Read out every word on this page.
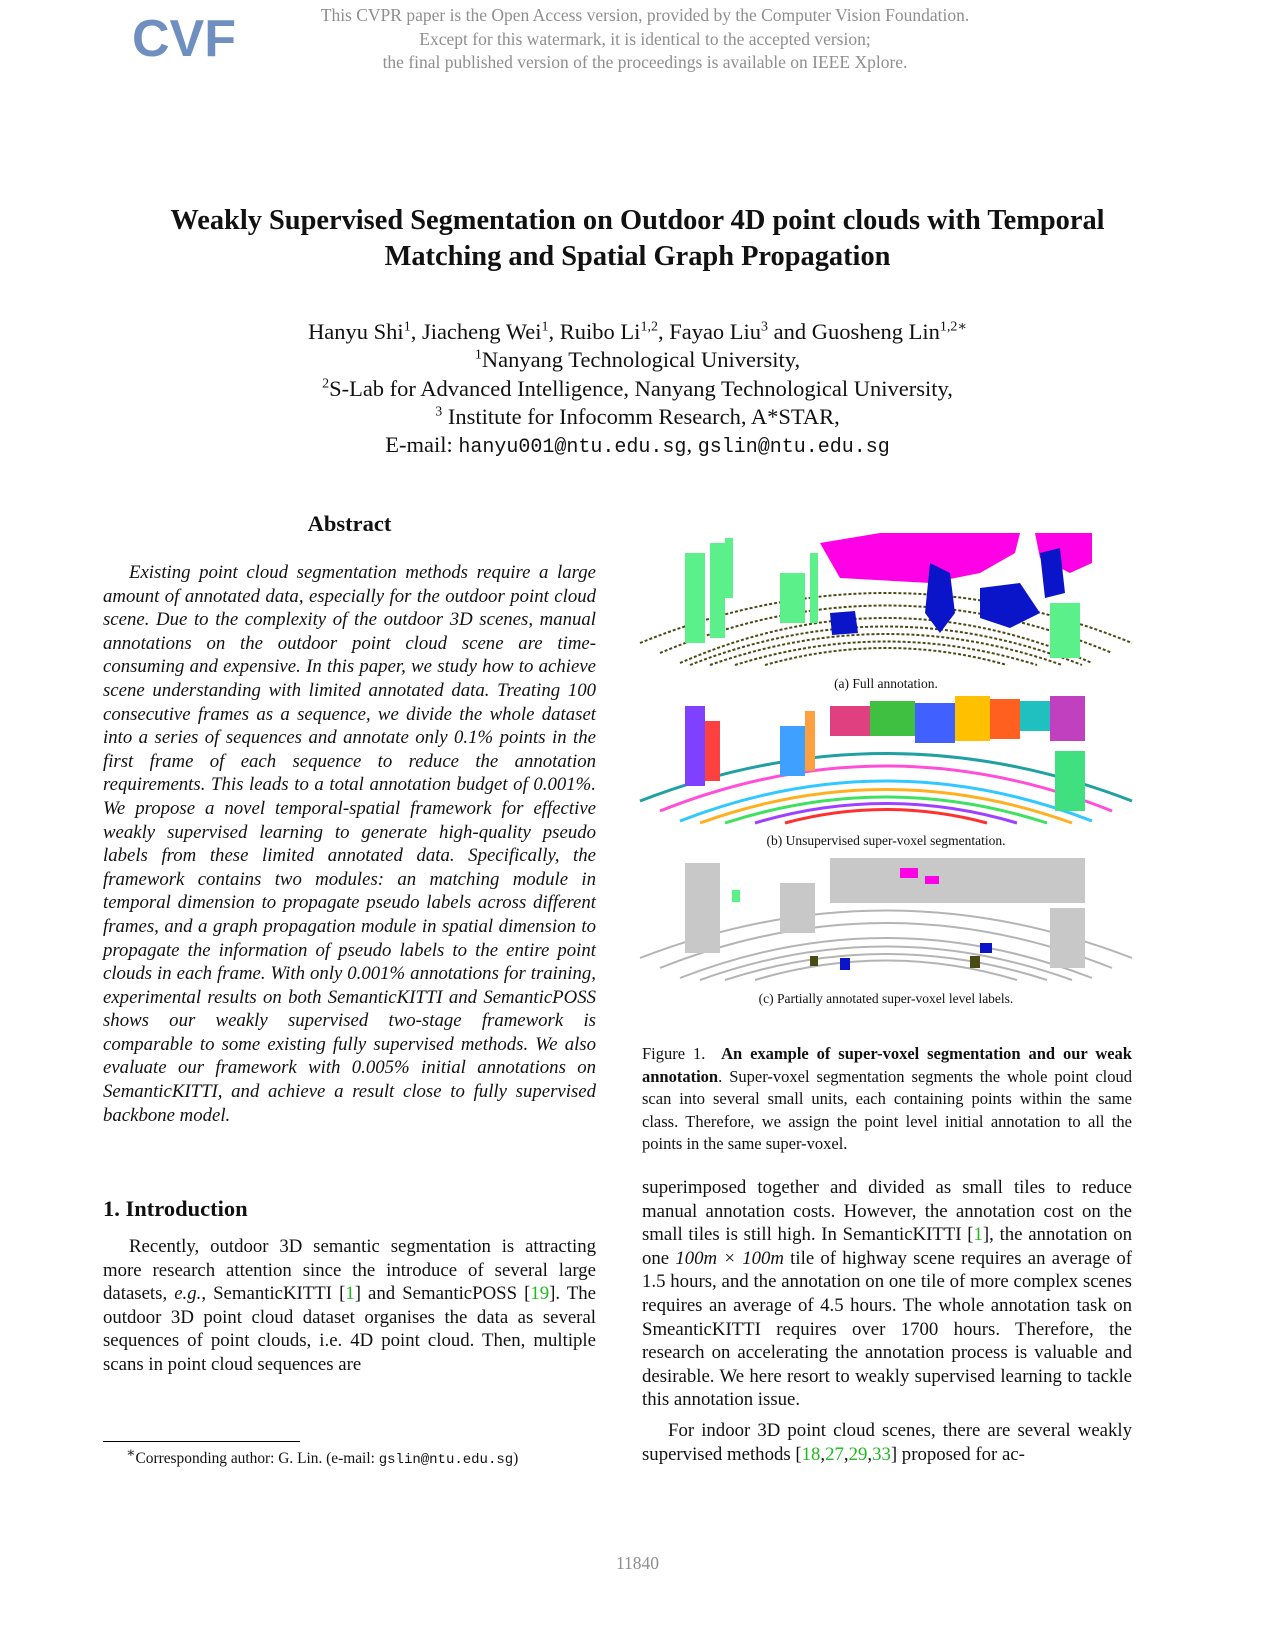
CVF	This CVPR paper is the Open Access version, provided by the Computer Vision Foundation.
Except for this watermark, it is identical to the accepted version;
the final published version of the proceedings is available on IEEE Xplore.
Weakly Supervised Segmentation on Outdoor 4D point clouds with Temporal
Matching and Spatial Graph Propagation
Hanyu Shi$^1$, Jiacheng Wei$^1$, Ruibo Li$^{1,2}$, Fayao Liu$^3$ and Guosheng Lin$^{1,2∗}$
$^1$Nanyang Technological University,
$^2$S-Lab for Advanced Intelligence, Nanyang Technological University,
$^3$ Institute for Infocomm Research, A*STAR,
E-mail: hanyu001@ntu.edu.sg, gslin@ntu.edu.sg
Abstract
Existing point cloud segmentation methods require a large amount of annotated data, especially for the outdoor point cloud scene. Due to the complexity of the outdoor 3D scenes, manual annotations on the outdoor point cloud scene are time-consuming and expensive. In this paper, we study how to achieve scene understanding with limited annotated data. Treating 100 consecutive frames as a sequence, we divide the whole dataset into a series of sequences and annotate only 0.1% points in the first frame of each sequence to reduce the annotation requirements. This leads to a total annotation budget of 0.001%. We propose a novel temporal-spatial framework for effective weakly supervised learning to generate high-quality pseudo labels from these limited annotated data. Specifically, the framework contains two modules: an matching module in temporal dimension to propagate pseudo labels across different frames, and a graph propagation module in spatial dimension to propagate the information of pseudo labels to the entire point clouds in each frame. With only 0.001% annotations for training, experimental results on both SemanticKITTI and SemanticPOSS shows our weakly supervised two-stage framework is comparable to some existing fully supervised methods. We also evaluate our framework with 0.005% initial annotations on SemanticKITTI, and achieve a result close to fully supervised backbone model.
1. Introduction
Recently, outdoor 3D semantic segmentation is attracting more research attention since the introduce of several large datasets, e.g., SemanticKITTI [1] and SemanticPOSS [19]. The outdoor 3D point cloud dataset organises the data as several sequences of point clouds, i.e. 4D point cloud. Then, multiple scans in point cloud sequences are
∗Corresponding author: G. Lin. (e-mail: gslin@ntu.edu.sg)
(a) Full annotation.
(b) Unsupervised super-voxel segmentation.
(c) Partially annotated super-voxel level labels.
Figure 1. An example of super-voxel segmentation and our weak annotation. Super-voxel segmentation segments the whole point cloud scan into several small units, each containing points within the same class. Therefore, we assign the point level initial annotation to all the points in the same super-voxel.
superimposed together and divided as small tiles to reduce manual annotation costs. However, the annotation cost on the small tiles is still high. In SemanticKITTI [1], the annotation on one 100m × 100m tile of highway scene requires an average of 1.5 hours, and the annotation on one tile of more complex scenes requires an average of 4.5 hours. The whole annotation task on SmeanticKITTI requires over 1700 hours. Therefore, the research on accelerating the annotation process is valuable and desirable. We here resort to weakly supervised learning to tackle this annotation issue.
For indoor 3D point cloud scenes, there are several weakly supervised methods [18,27,29,33] proposed for ac-
11840
